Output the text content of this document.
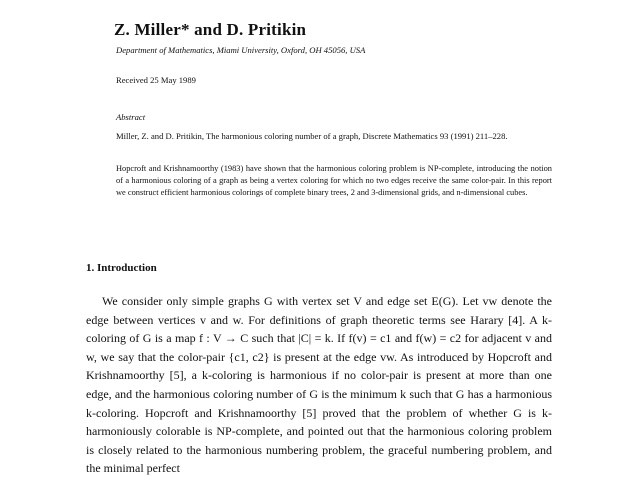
Z. Miller* and D. Pritikin
Department of Mathematics, Miami University, Oxford, OH 45056, USA
Received 25 May 1989
Abstract
Miller, Z. and D. Pritikin, The harmonious coloring number of a graph, Discrete Mathematics 93 (1991) 211–228.
Hopcroft and Krishnamoorthy (1983) have shown that the harmonious coloring problem is NP-complete, introducing the notion of a harmonious coloring of a graph as being a vertex coloring for which no two edges receive the same color-pair. In this report we construct efficient harmonious colorings of complete binary trees, 2 and 3-dimensional grids, and n-dimensional cubes.
1. Introduction

We consider only simple graphs G with vertex set V and edge set E(G). Let vw denote the edge between vertices v and w. For definitions of graph theoretic terms see Harary [4]. A k-coloring of G is a map f : V → C such that |C| = k. If f(v) = c1 and f(w) = c2 for adjacent v and w, we say that the color-pair {c1, c2} is present at the edge vw. As introduced by Hopcroft and Krishnamoorthy [5], a k-coloring is harmonious if no color-pair is present at more than one edge, and the harmonious coloring number of G is the minimum k such that G has a harmonious k-coloring. Hopcroft and Krishnamoorthy [5] proved that the problem of whether G is k-harmoniously colorable is NP-complete, and pointed out that the harmonious coloring problem is closely related to the harmonious numbering problem, the graceful numbering problem, and the minimal perfect
